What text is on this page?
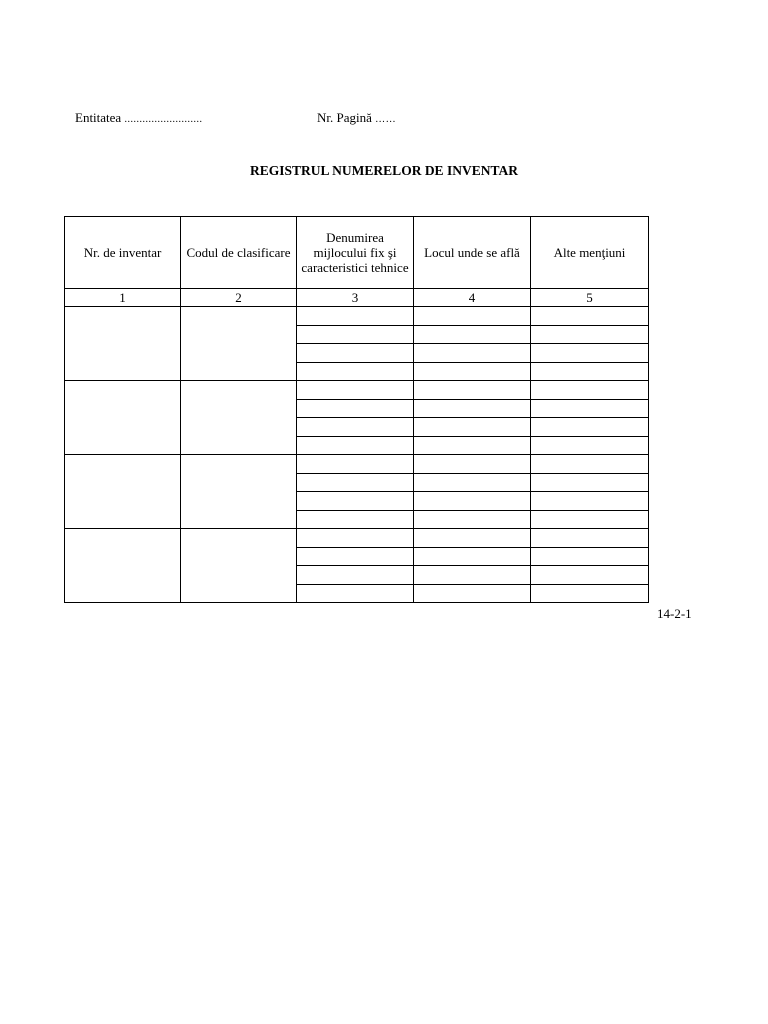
Entitatea ..........................	Nr. Pagină ……
REGISTRUL NUMERELOR DE INVENTAR
Nr. de inventar	Codul de clasificare	Denumirea mijlocului fix şi caracteristici tehnice	Locul unde se află	Alte menţiuni
1	2	3	4	5

14-2-1
